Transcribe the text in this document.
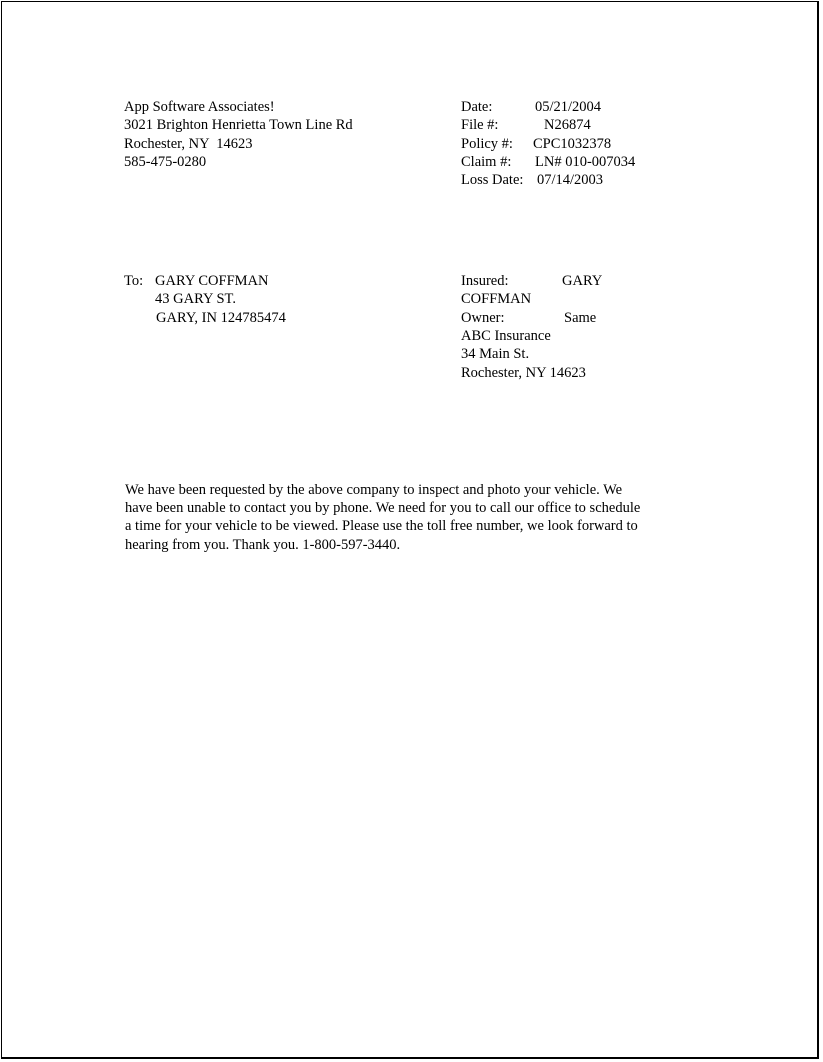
App Software Associates!
3021 Brighton Henrietta Town Line Rd
Rochester, NY  14623
585-475-0280
Date:	05/21/2004
File #:	N26874
Policy #: CPC1032378
Claim #: LN# 010-007034
Loss Date: 07/14/2003
To: GARY COFFMAN
43 GARY ST.
GARY, IN 124785474
Insured:	GARY
COFFMAN
Owner:	Same
ABC Insurance
34 Main St.
Rochester, NY 14623
We have been requested by the above company to inspect and photo your vehicle. We
have been unable to contact you by phone. We need for you to call our office to schedule
a time for your vehicle to be viewed. Please use the toll free number, we look forward to
hearing from you. Thank you. 1-800-597-3440.
